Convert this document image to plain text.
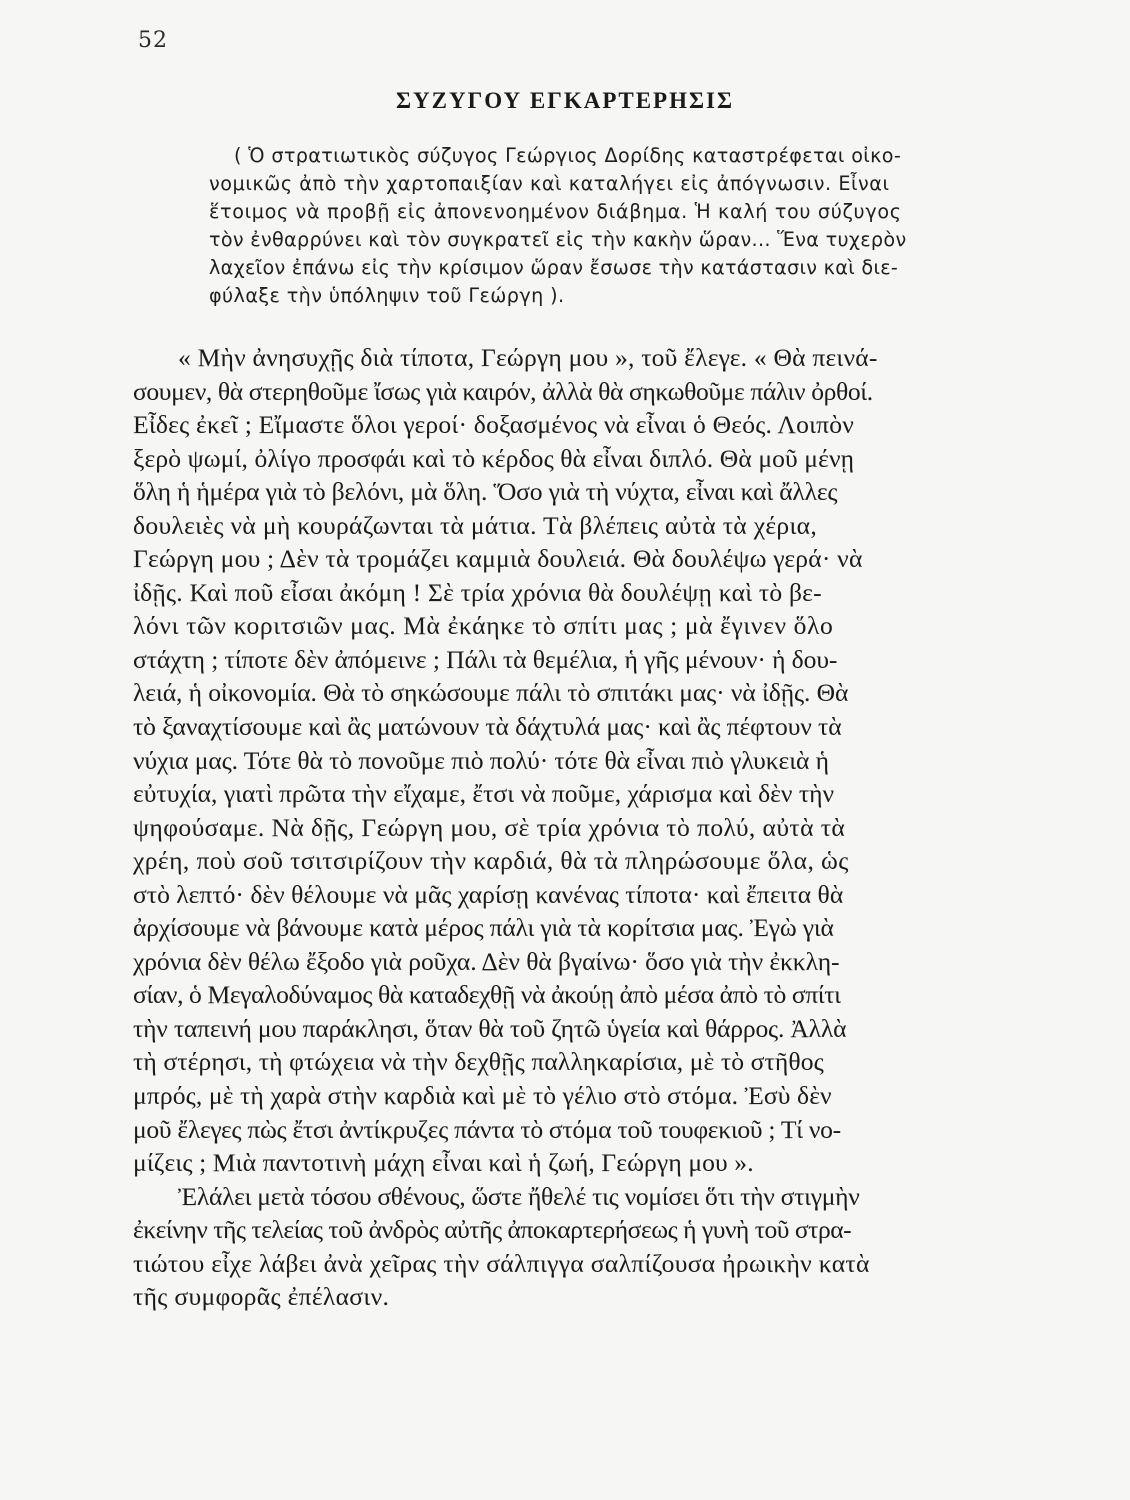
52
ΣΥΖΥΓΟΥ ΕΓΚΑΡΤΕΡΗΣΙΣ
( Ὁ στρατιωτικὸς σύζυγος Γεώργιος Δορίδης καταστρέφεται οἰκο-
νομικῶς ἀπὸ τὴν χαρτοπαιξίαν καὶ καταλήγει εἰς ἀπόγνωσιν. Εἶναι
ἕτοιμος νὰ προβῇ εἰς ἀπονενοημένον διάβημα. Ἡ καλή του σύζυγος
τὸν ἐνθαρρύνει καὶ τὸν συγκρατεῖ εἰς τὴν κακὴν ὥραν... Ἕνα τυχερὸν
λαχεῖον ἐπάνω εἰς τὴν κρίσιμον ὥραν ἔσωσε τὴν κατάστασιν καὶ διε-
φύλαξε τὴν ὑπόληψιν τοῦ Γεώργη ).
« Μὴν ἀνησυχῇς διὰ τίποτα, Γεώργη μου », τοῦ ἔλεγε. « Θὰ πεινά-
σουμεν, θὰ στερηθοῦμε ἴσως γιὰ καιρόν, ἀλλὰ θὰ σηκωθοῦμε πάλιν ὀρθοί.
Εἶδες ἐκεῖ ; Εἴμαστε ὅλοι γεροί· δοξασμένος νὰ εἶναι ὁ Θεός. Λοιπὸν
ξερὸ ψωμί, ὀλίγο προσφάι καὶ τὸ κέρδος θὰ εἶναι διπλό. Θὰ μοῦ μένῃ
ὅλη ἡ ἡμέρα γιὰ τὸ βελόνι, μὰ ὅλη. Ὅσο γιὰ τὴ νύχτα, εἶναι καὶ ἄλλες
δουλειὲς νὰ μὴ κουράζωνται τὰ μάτια. Τὰ βλέπεις αὐτὰ τὰ χέρια,
Γεώργη μου ; Δὲν τὰ τρομάζει καμμιὰ δουλειά. Θὰ δουλέψω γερά· νὰ
ἰδῇς. Καὶ ποῦ εἶσαι ἀκόμη ! Σὲ τρία χρόνια θὰ δουλέψῃ καὶ τὸ βε-
λόνι τῶν κοριτσιῶν μας. Μὰ ἐκάηκε τὸ σπίτι μας ; μὰ ἔγινεν ὅλο
στάχτη ; τίποτε δὲν ἀπόμεινε ; Πάλι τὰ θεμέλια, ἡ γῆς μένουν· ἡ δου-
λειά, ἡ οἰκονομία. Θὰ τὸ σηκώσουμε πάλι τὸ σπιτάκι μας· νὰ ἰδῇς. Θὰ
τὸ ξαναχτίσουμε καὶ ἂς ματώνουν τὰ δάχτυλά μας· καὶ ἂς πέφτουν τὰ
νύχια μας. Τότε θὰ τὸ πονοῦμε πιὸ πολύ· τότε θὰ εἶναι πιὸ γλυκειὰ ἡ
εὐτυχία, γιατὶ πρῶτα τὴν εἴχαμε, ἔτσι νὰ ποῦμε, χάρισμα καὶ δὲν τὴν
ψηφούσαμε. Νὰ δῇς, Γεώργη μου, σὲ τρία χρόνια τὸ πολύ, αὐτὰ τὰ
χρέη, ποὺ σοῦ τσιτσιρίζουν τὴν καρδιά, θὰ τὰ πληρώσουμε ὅλα, ὡς
στὸ λεπτό· δὲν θέλουμε νὰ μᾶς χαρίσῃ κανένας τίποτα· καὶ ἔπειτα θὰ
ἀρχίσουμε νὰ βάνουμε κατὰ μέρος πάλι γιὰ τὰ κορίτσια μας. Ἐγὼ γιὰ
χρόνια δὲν θέλω ἔξοδο γιὰ ροῦχα. Δὲν θὰ βγαίνω· ὅσο γιὰ τὴν ἐκκλη-
σίαν, ὁ Μεγαλοδύναμος θὰ καταδεχθῇ νὰ ἀκούῃ ἀπὸ μέσα ἀπὸ τὸ σπίτι
τὴν ταπεινή μου παράκλησι, ὅταν θὰ τοῦ ζητῶ ὑγεία καὶ θάρρος. Ἀλλὰ
τὴ στέρησι, τὴ φτώχεια νὰ τὴν δεχθῇς παλληκαρίσια, μὲ τὸ στῆθος
μπρός, μὲ τὴ χαρὰ στὴν καρδιὰ καὶ μὲ τὸ γέλιο στὸ στόμα. Ἐσὺ δὲν
μοῦ ἔλεγες πὼς ἔτσι ἀντίκρυζες πάντα τὸ στόμα τοῦ τουφεκιοῦ ; Τί νο-
μίζεις ; Μιὰ παντοτινὴ μάχη εἶναι καὶ ἡ ζωή, Γεώργη μου ».
Ἐλάλει μετὰ τόσου σθένους, ὥστε ἤθελέ τις νομίσει ὅτι τὴν στιγμὴν
ἐκείνην τῆς τελείας τοῦ ἀνδρὸς αὐτῆς ἀποκαρτερήσεως ἡ γυνὴ τοῦ στρα-
τιώτου εἶχε λάβει ἀνὰ χεῖρας τὴν σάλπιγγα σαλπίζουσα ἠρωικὴν κατὰ
τῆς συμφορᾶς ἐπέλασιν.
